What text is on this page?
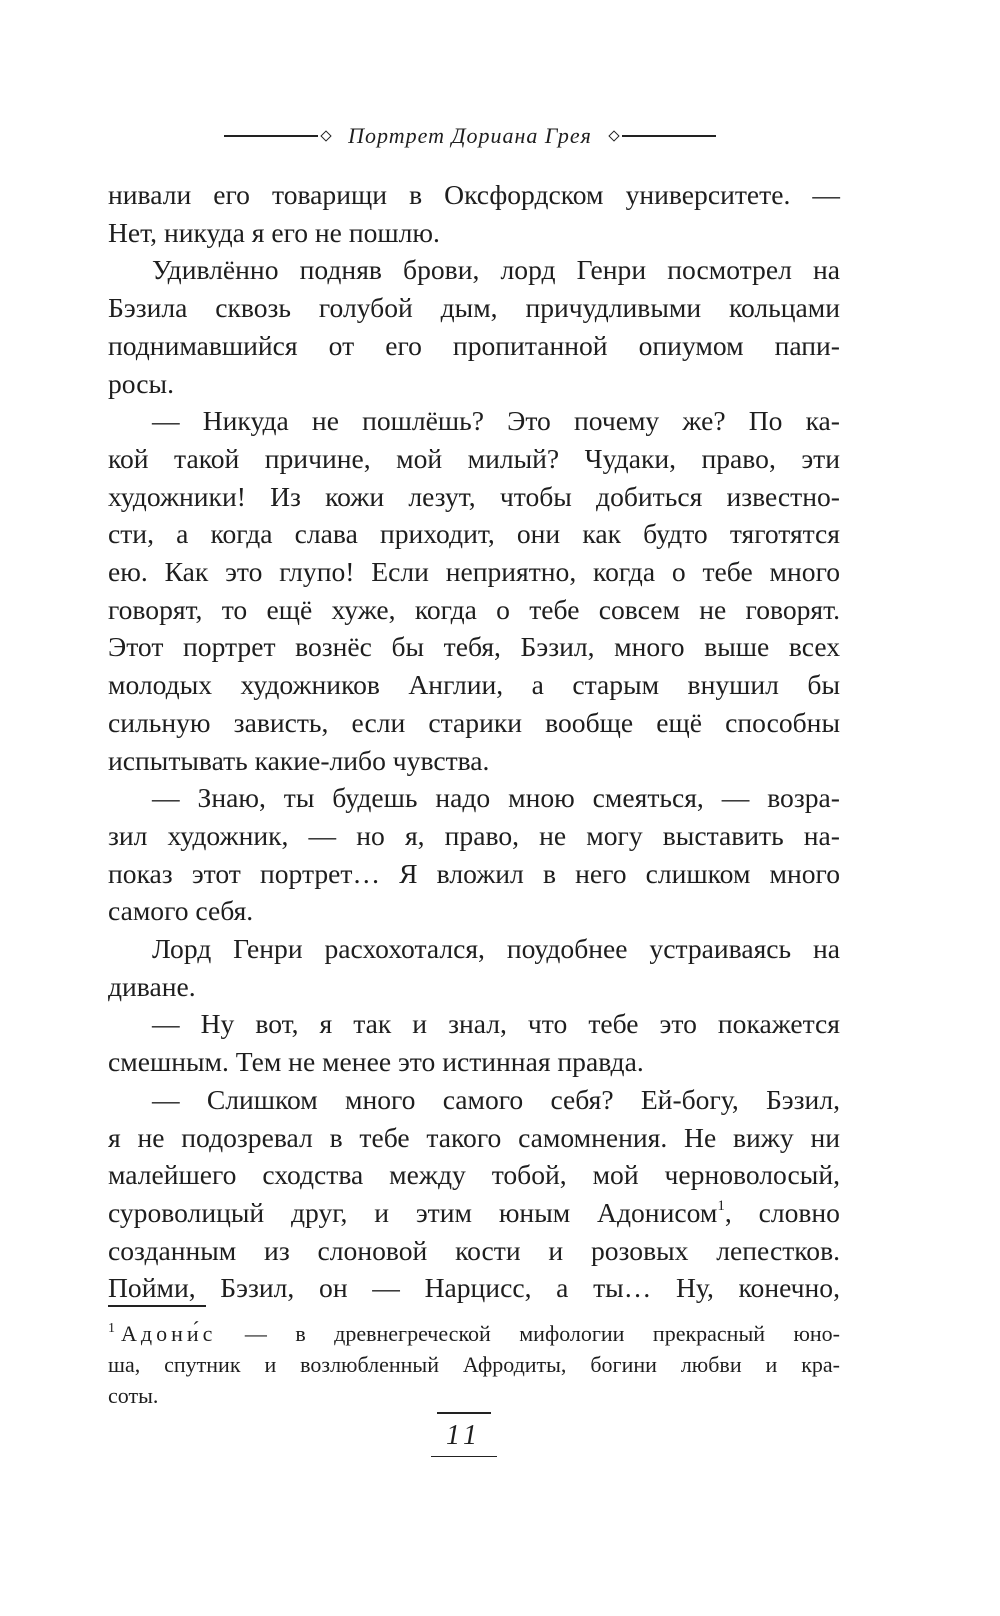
Портрет Дориана Грея
нивали его товарищи в Оксфордском университете. —
Нет, никуда я его не пошлю.
Удивлённо подняв брови, лорд Генри посмотрел на
Бэзила сквозь голубой дым, причудливыми кольцами
поднимавшийся от его пропитанной опиумом папи-
росы.
— Никуда не пошлёшь? Это почему же? По ка-
кой такой причине, мой милый? Чудаки, право, эти
художники! Из кожи лезут, чтобы добиться известно-
сти, а когда слава приходит, они как будто тяготятся
ею. Как это глупо! Если неприятно, когда о тебе много
говорят, то ещё хуже, когда о тебе совсем не говорят.
Этот портрет вознёс бы тебя, Бэзил, много выше всех
молодых художников Англии, а старым внушил бы
сильную зависть, если старики вообще ещё способны
испытывать какие-либо чувства.
— Знаю, ты будешь надо мною смеяться, — возра-
зил художник, — но я, право, не могу выставить на-
показ этот портрет… Я вложил в него слишком много
самого себя.
Лорд Генри расхохотался, поудобнее устраиваясь на
диване.
— Ну вот, я так и знал, что тебе это покажется
смешным. Тем не менее это истинная правда.
— Слишком много самого себя? Ей-богу, Бэзил,
я не подозревал в тебе такого самомнения. Не вижу ни
малейшего сходства между тобой, мой черноволосый,
суроволицый друг, и этим юным Адонисом$^1$, словно
созданным из слоновой кости и розовых лепестков.
Пойми, Бэзил, он — Нарцисс, а ты… Ну, конечно,
$^1$ Адони́с — в древнегреческой мифологии прекрасный юно-
ша, спутник и возлюбленный Афродиты, богини любви и кра-
соты.
11
